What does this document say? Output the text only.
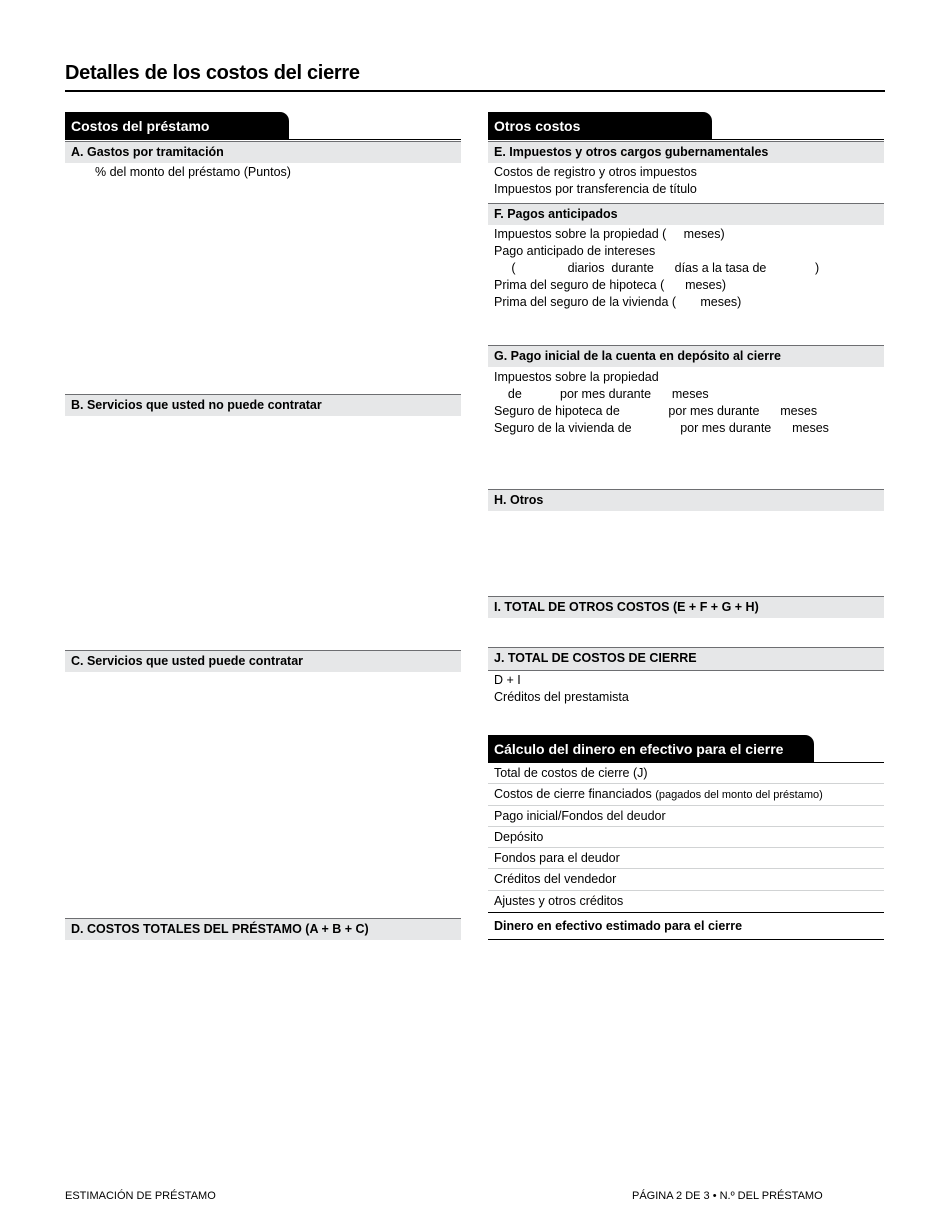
Detalles de los costos del cierre
Costos del préstamo
A. Gastos por tramitación
% del monto del préstamo (Puntos)
B. Servicios que usted no puede contratar
C. Servicios que usted puede contratar
D. COSTOS TOTALES DEL PRÉSTAMO (A + B + C)
Otros costos
E. Impuestos y otros cargos gubernamentales
Costos de registro y otros impuestos
Impuestos por transferencia de título
F. Pagos anticipados
Impuestos sobre la propiedad (     meses)
Pago anticipado de intereses
(               diarios  durante      días a la tasa de              )
Prima del seguro de hipoteca (      meses)
Prima del seguro de la vivienda (       meses)
G. Pago inicial de la cuenta en depósito al cierre
Impuestos sobre la propiedad
de           por mes durante      meses
Seguro de hipoteca de              por mes durante      meses
Seguro de la vivienda de              por mes durante      meses
H. Otros
I. TOTAL DE OTROS COSTOS (E + F + G + H)
J. TOTAL DE COSTOS DE CIERRE
D + I
Créditos del prestamista
Cálculo del dinero en efectivo para el cierre
Total de costos de cierre (J)
Costos de cierre financiados (pagados del monto del préstamo)
Pago inicial/Fondos del deudor
Depósito
Fondos para el deudor
Créditos del vendedor
Ajustes y otros créditos
Dinero en efectivo estimado para el cierre
ESTIMACIÓN DE PRÉSTAMO	PÁGINA 2 DE 3 • N.º DEL PRÉSTAMO
